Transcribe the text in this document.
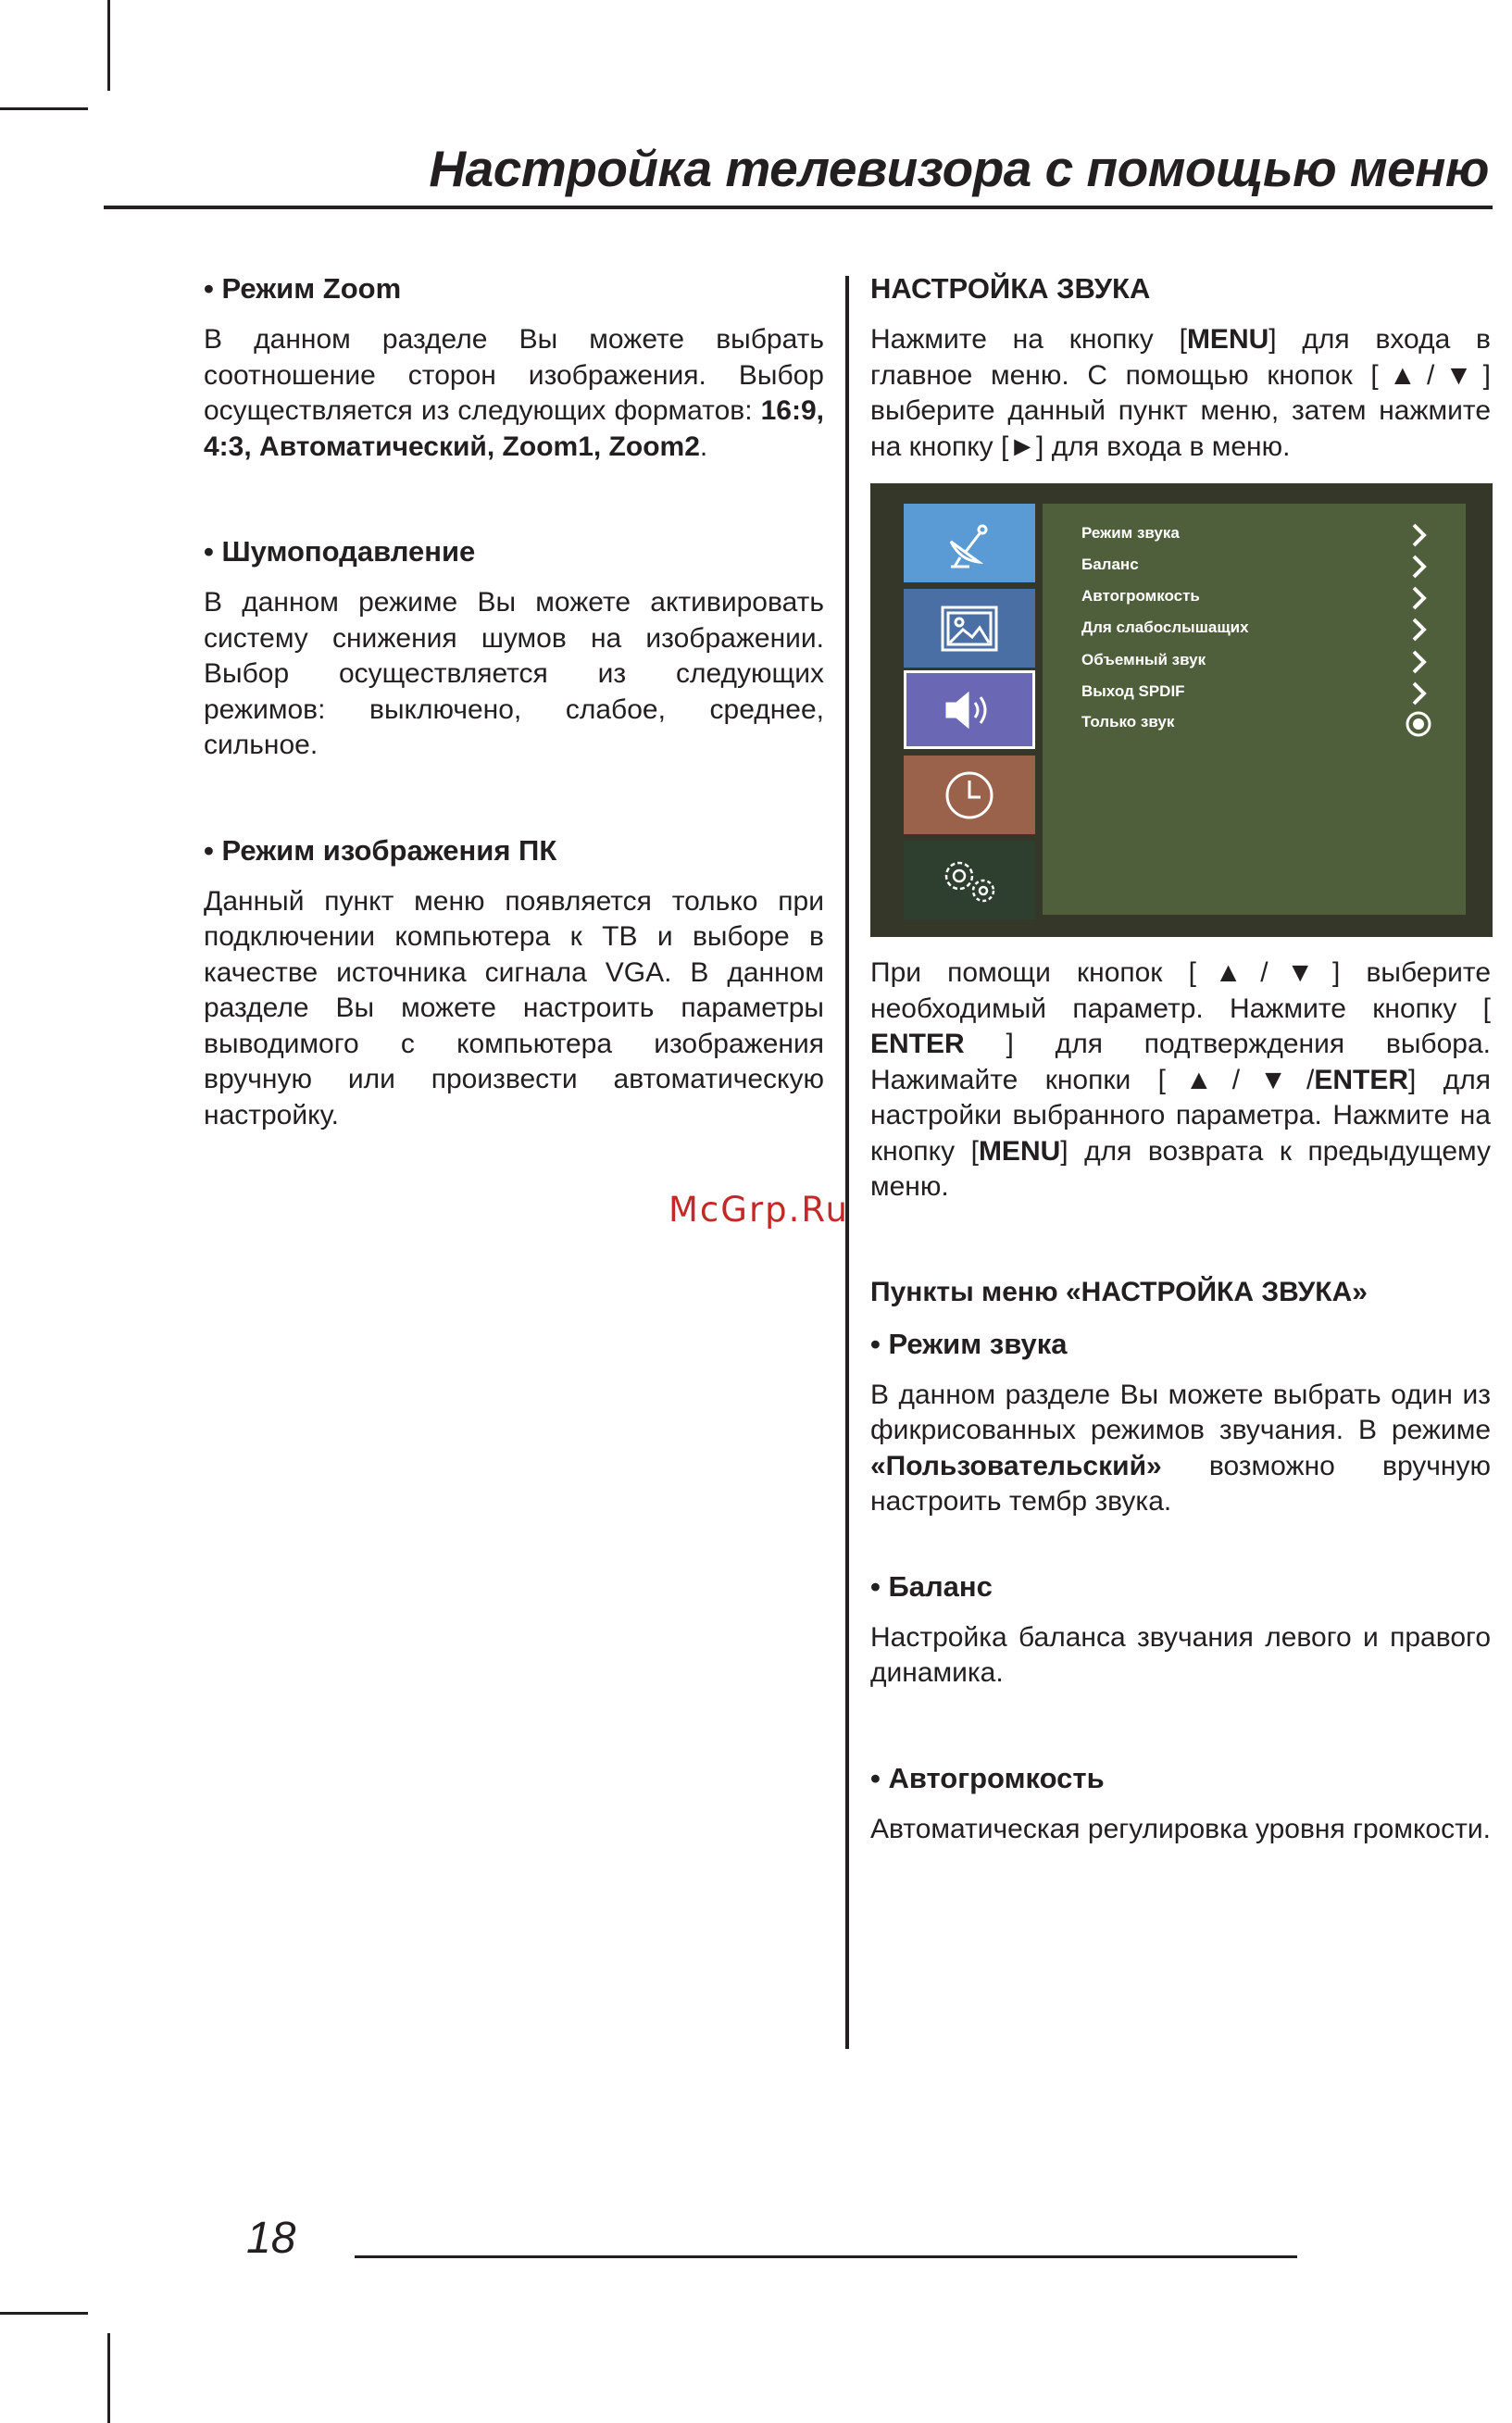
Настройка телевизора с помощью меню
• Режим Zoom

В данном разделе Вы можете выбрать соотношение сторон изображения. Выбор осуществляется из следующих форматов: 16:9, 4:3, Автоматический, Zoom1, Zoom2.

• Шумоподавление

В данном режиме Вы можете активировать систему снижения шумов на изображении. Выбор осуществляется из следующих режимов: выключено, слабое, среднее, сильное.

• Режим изображения ПК

Данный пункт меню появляется только при подключении компьютера к ТВ и выборе в качестве источника сигнала VGA. В данном разделе Вы можете настроить параметры выводимого с компьютера изображения вручную или произвести автоматическую настройку.

НАСТРОЙКА ЗВУКА

Нажмите на кнопку [MENU] для входа в главное меню. С помощью кнопок [▲/▼] выберите данный пункт меню, затем нажмите на кнопку [►] для входа в меню.

При помощи кнопок [▲/▼] выберите необходимый параметр. Нажмите кнопку [ ENTER ] для подтверждения выбора. Нажимайте кнопки [▲/▼/ENTER] для настройки выбранного параметра. Нажмите на кнопку [MENU] для возврата к предыдущему меню.

Пункты меню «НАСТРОЙКА ЗВУКА»
• Режим звука

В данном разделе Вы можете выбрать один из фикрисованных режимов звучания. В режиме «Пользовательский» возможно вручную настроить тембр звука.

• Баланс

Настройка баланса звучания левого и правого динамика.

• Автогромкость

Автоматическая регулировка уровня громкости.

Режим звука
Баланс
Автогромкость
Для слабослышащих
Объемный звук
Выход SPDIF
Только звук
McGrp.Ru
18
